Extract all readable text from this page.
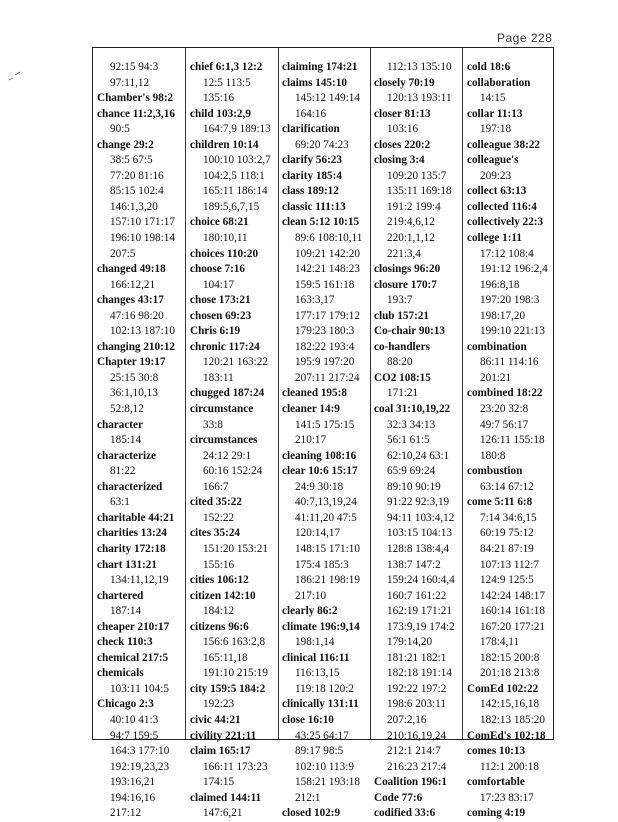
Page 228
92:15 94:3
97:11,12
Chamber's 98:2
chance 11:2,3,16
90:5
change 29:2
38:5 67:5
77:20 81:16
85:15 102:4
146:1,3,20
157:10 171:17
196:10 198:14
207:5
changed 49:18
166:12,21
changes 43:17
47:16 98:20
102:13 187:10
changing 210:12
Chapter 19:17
25:15 30:8
36:1,10,13
52:8,12
character
185:14
characterize
81:22
characterized
63:1
charitable 44:21
charities 13:24
charity 172:18
chart 131:21
134:11,12,19
chartered
187:14
cheaper 210:17
check 110:3
chemical 217:5
chemicals
103:11 104:5
Chicago 2:3
40:10 41:3
94:7 159:5
164:3 177:10
192:19,23,23
193:16,21
194:16,16
217:12
chief 6:1,3 12:2
12:5 113:5
135:16
child 103:2,9
164:7,9 189:13
children 10:14
100:10 103:2,7
104:2,5 118:1
165:11 186:14
189:5,6,7,15
choice 68:21
180:10,11
choices 110:20
choose 7:16
104:17
chose 173:21
chosen 69:23
Chris 6:19
chronic 117:24
120:21 163:22
183:11
chugged 187:24
circumstance
33:8
circumstances
24:12 29:1
60:16 152:24
166:7
cited 35:22
152:22
cites 35:24
151:20 153:21
155:16
cities 106:12
citizen 142:10
184:12
citizens 96:6
156:6 163:2,8
165:11,18
191:10 215:19
city 159:5 184:2
192:23
civic 44:21
civility 221:11
claim 165:17
166:11 173:23
174:15
claimed 144:11
147:6,21
claiming 174:21
claims 145:10
145:12 149:14
164:16
clarification
69:20 74:23
clarify 56:23
clarity 185:4
class 189:12
classic 111:13
clean 5:12 10:15
89:6 108:10,11
109:21 142:20
142:21 148:23
159:5 161:18
163:3,17
177:17 179:12
179:23 180:3
182:22 193:4
195:9 197:20
207:11 217:24
cleaned 195:8
cleaner 14:9
141:5 175:15
210:17
cleaning 108:16
clear 10:6 15:17
24:9 30:18
40:7,13,19,24
41:11,20 47:5
120:14,17
148:15 171:10
175:4 185:3
186:21 198:19
217:10
clearly 86:2
climate 196:9,14
198:1,14
clinical 116:11
116:13,15
119:18 120:2
clinically 131:11
close 16:10
43:25 64:17
89:17 98:5
102:10 113:9
158:21 193:18
212:1
closed 102:9
112:13 135:10
closely 70:19
120:13 193:11
closer 81:13
103:16
closes 220:2
closing 3:4
109:20 135:7
135:11 169:18
191:2 199:4
219:4,6,12
220:1,1,12
221:3,4
closings 96:20
closure 170:7
193:7
club 157:21
Co-chair 90:13
co-handlers
88:20
CO2 108:15
171:21
coal 31:10,19,22
32:3 34:13
56:1 61:5
62:10,24 63:1
65:9 69:24
89:10 90:19
91:22 92:3,19
94:11 103:4,12
103:15 104:13
128:8 138:4,4
138:7 147:2
159:24 160:4,4
160:7 161:22
162:19 171:21
173:9,19 174:2
179:14,20
181:21 182:1
182:18 191:14
192:22 197:2
198:6 203:11
207:2,16
210:16,19,24
212:1 214:7
216:23 217:4
Coalition 196:1
Code 77:6
codified 33:6
cold 18:6
collaboration
14:15
collar 11:13
197:18
colleague 38:22
colleague's
209:23
collect 63:13
collected 116:4
collectively 22:3
college 1:11
17:12 108:4
191:12 196:2,4
196:8,18
197:20 198:3
198:17,20
199:10 221:13
combination
86:11 114:16
201:21
combined 18:22
23:20 32:8
49:7 56:17
126:11 155:18
180:8
combustion
63:14 67:12
come 5:11 6:8
7:14 34:6,15
60:19 75:12
84:21 87:19
107:13 112:7
124:9 125:5
142:24 148:17
160:14 161:18
167:20 177:21
178:4,11
182:15 200:8
201:18 213:8
ComEd 102:22
142:15,16,18
182:13 185:20
ComEd's 102:18
comes 10:13
112:1 200:18
comfortable
17:23 83:17
coming 4:19
